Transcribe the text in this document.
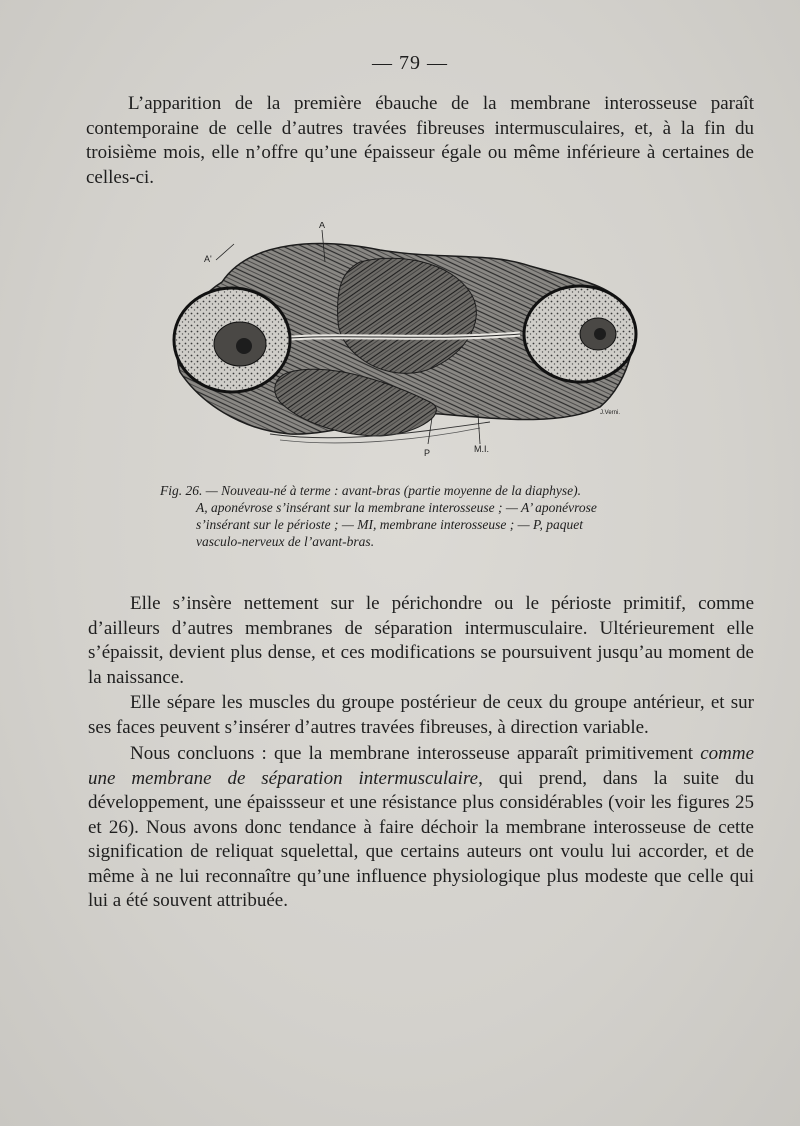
— 79 —

L’apparition de la première ébauche de la membrane interosseuse paraît contemporaine de celle d’autres travées fibreuses intermusculaires, et, à la fin du troisième mois, elle n’offre qu’une épaisseur égale ou même inférieure à certaines de celles-ci.

A
A'
P	M.I.
J.Verni.
Fig. 26. — Nouveau-né à terme : avant-bras (partie moyenne de la diaphyse).
A, aponévrose s’insérant sur la membrane interosseuse ; — A’ aponévrose
s’insérant sur le périoste ; — MI, membrane interosseuse ; — P, paquet
vasculo-nerveux de l’avant-bras.

Elle s’insère nettement sur le périchondre ou le périoste primitif, comme d’ailleurs d’autres membranes de séparation intermusculaire. Ultérieurement elle s’épaissit, devient plus dense, et ces modifications se poursuivent jusqu’au moment de la naissance.

Elle sépare les muscles du groupe postérieur de ceux du groupe antérieur, et sur ses faces peuvent s’insérer d’autres travées fibreuses, à direction variable.

Nous concluons : que la membrane interosseuse apparaît primitivement comme une membrane de séparation intermusculaire, qui prend, dans la suite du développement, une épaissseur et une résistance plus considérables (voir les figures 25 et 26). Nous avons donc tendance à faire déchoir la membrane interosseuse de cette signification de reliquat squelettal, que certains auteurs ont voulu lui accorder, et de même à ne lui reconnaître qu’une influence physiologique plus modeste que celle qui lui a été souvent attribuée.
